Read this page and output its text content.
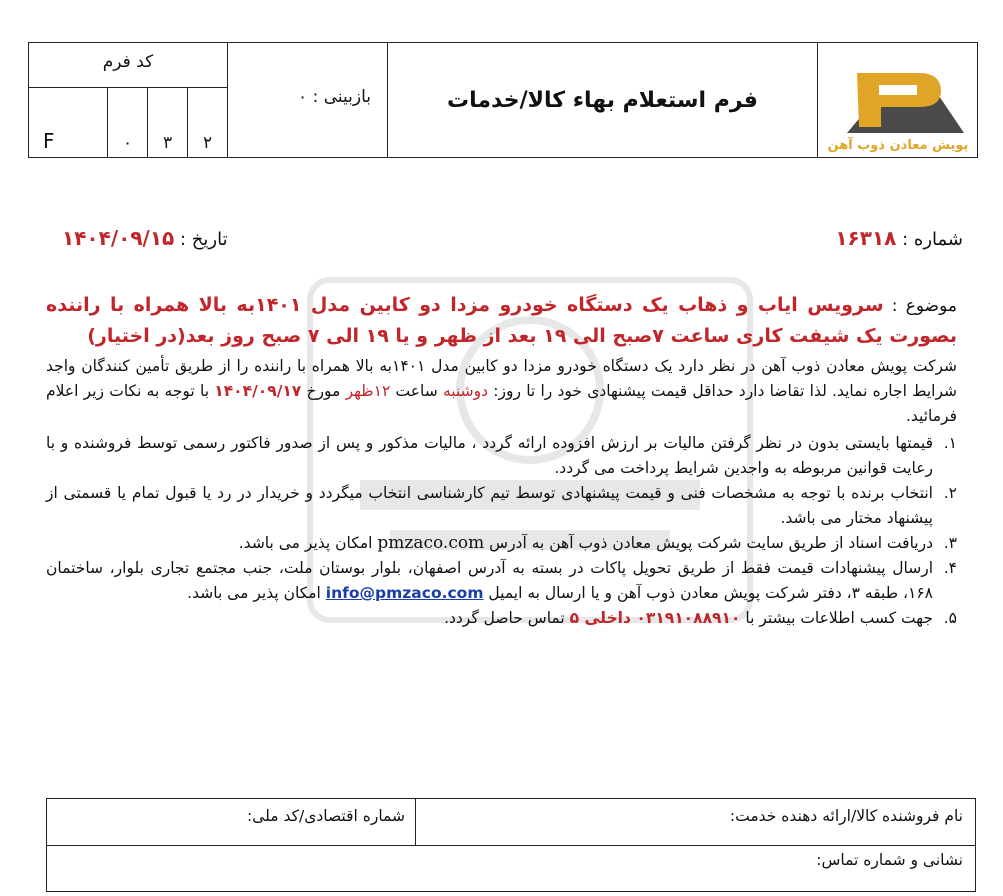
پویش معادن ذوب آهن
فرم استعلام بهاء کالا/خدمات
بازبینی : ۰
کد فرم
۲
۳
۰
F
شماره : ۱۶۳۱۸
تاریخ : ۱۴۰۴/۰۹/۱۵
موضوع : سرویس ایاب و ذهاب یک دستگاه خودرو مزدا دو کابین مدل ۱۴۰۱به بالا همراه با راننده بصورت یک شیفت کاری ساعت ۷صبح الی ۱۹ بعد از ظهر و یا ۱۹ الی ۷ صبح روز بعد(در اختیار)
شرکت پویش معادن ذوب آهن در نظر دارد یک دستگاه خودرو مزدا دو کابین مدل ۱۴۰۱به بالا همراه با راننده را از طریق تأمین کنندگان واجد شرایط اجاره نماید. لذا تقاضا دارد حداقل قیمت پیشنهادی خود را تا روز: دوشنبه ساعت ۱۲ظهر مورخ ۱۴۰۴/۰۹/۱۷ با توجه به نکات زیر اعلام فرمائید.
۱.
قیمتها بایستی بدون در نظر گرفتن مالیات بر ارزش افزوده ارائه گردد ، مالیات مذکور و پس از صدور فاکتور رسمی توسط فروشنده و با رعایت قوانین مربوطه به واجدین شرایط پرداخت می گردد.
۲.
انتخاب برنده با توجه به مشخصات فنی و قیمت پیشنهادی توسط تیم کارشناسی انتخاب میگردد و خریدار در رد یا قبول تمام یا قسمتی از پیشنهاد مختار می باشد.
۳.
دریافت اسناد از طریق سایت شرکت پویش معادن ذوب آهن به آدرس pmzaco.com امکان پذیر می باشد.
۴.
ارسال پیشنهادات قیمت فقط از طریق تحویل پاکات در بسته به آدرس اصفهان، بلوار بوستان ملت، جنب مجتمع تجاری بلوار، ساختمان ۱۶۸، طبقه ۳، دفتر شرکت پویش معادن ذوب آهن و یا ارسال به ایمیل info@pmzaco.com امکان پذیر می باشد.
۵.
جهت کسب اطلاعات بیشتر با ۰۳۱۹۱۰۸۸۹۱۰ داخلی ۵ تماس حاصل گردد.
نام فروشنده کالا/ارائه دهنده خدمت:
شماره اقتصادی/کد ملی:
نشانی و شماره تماس:
